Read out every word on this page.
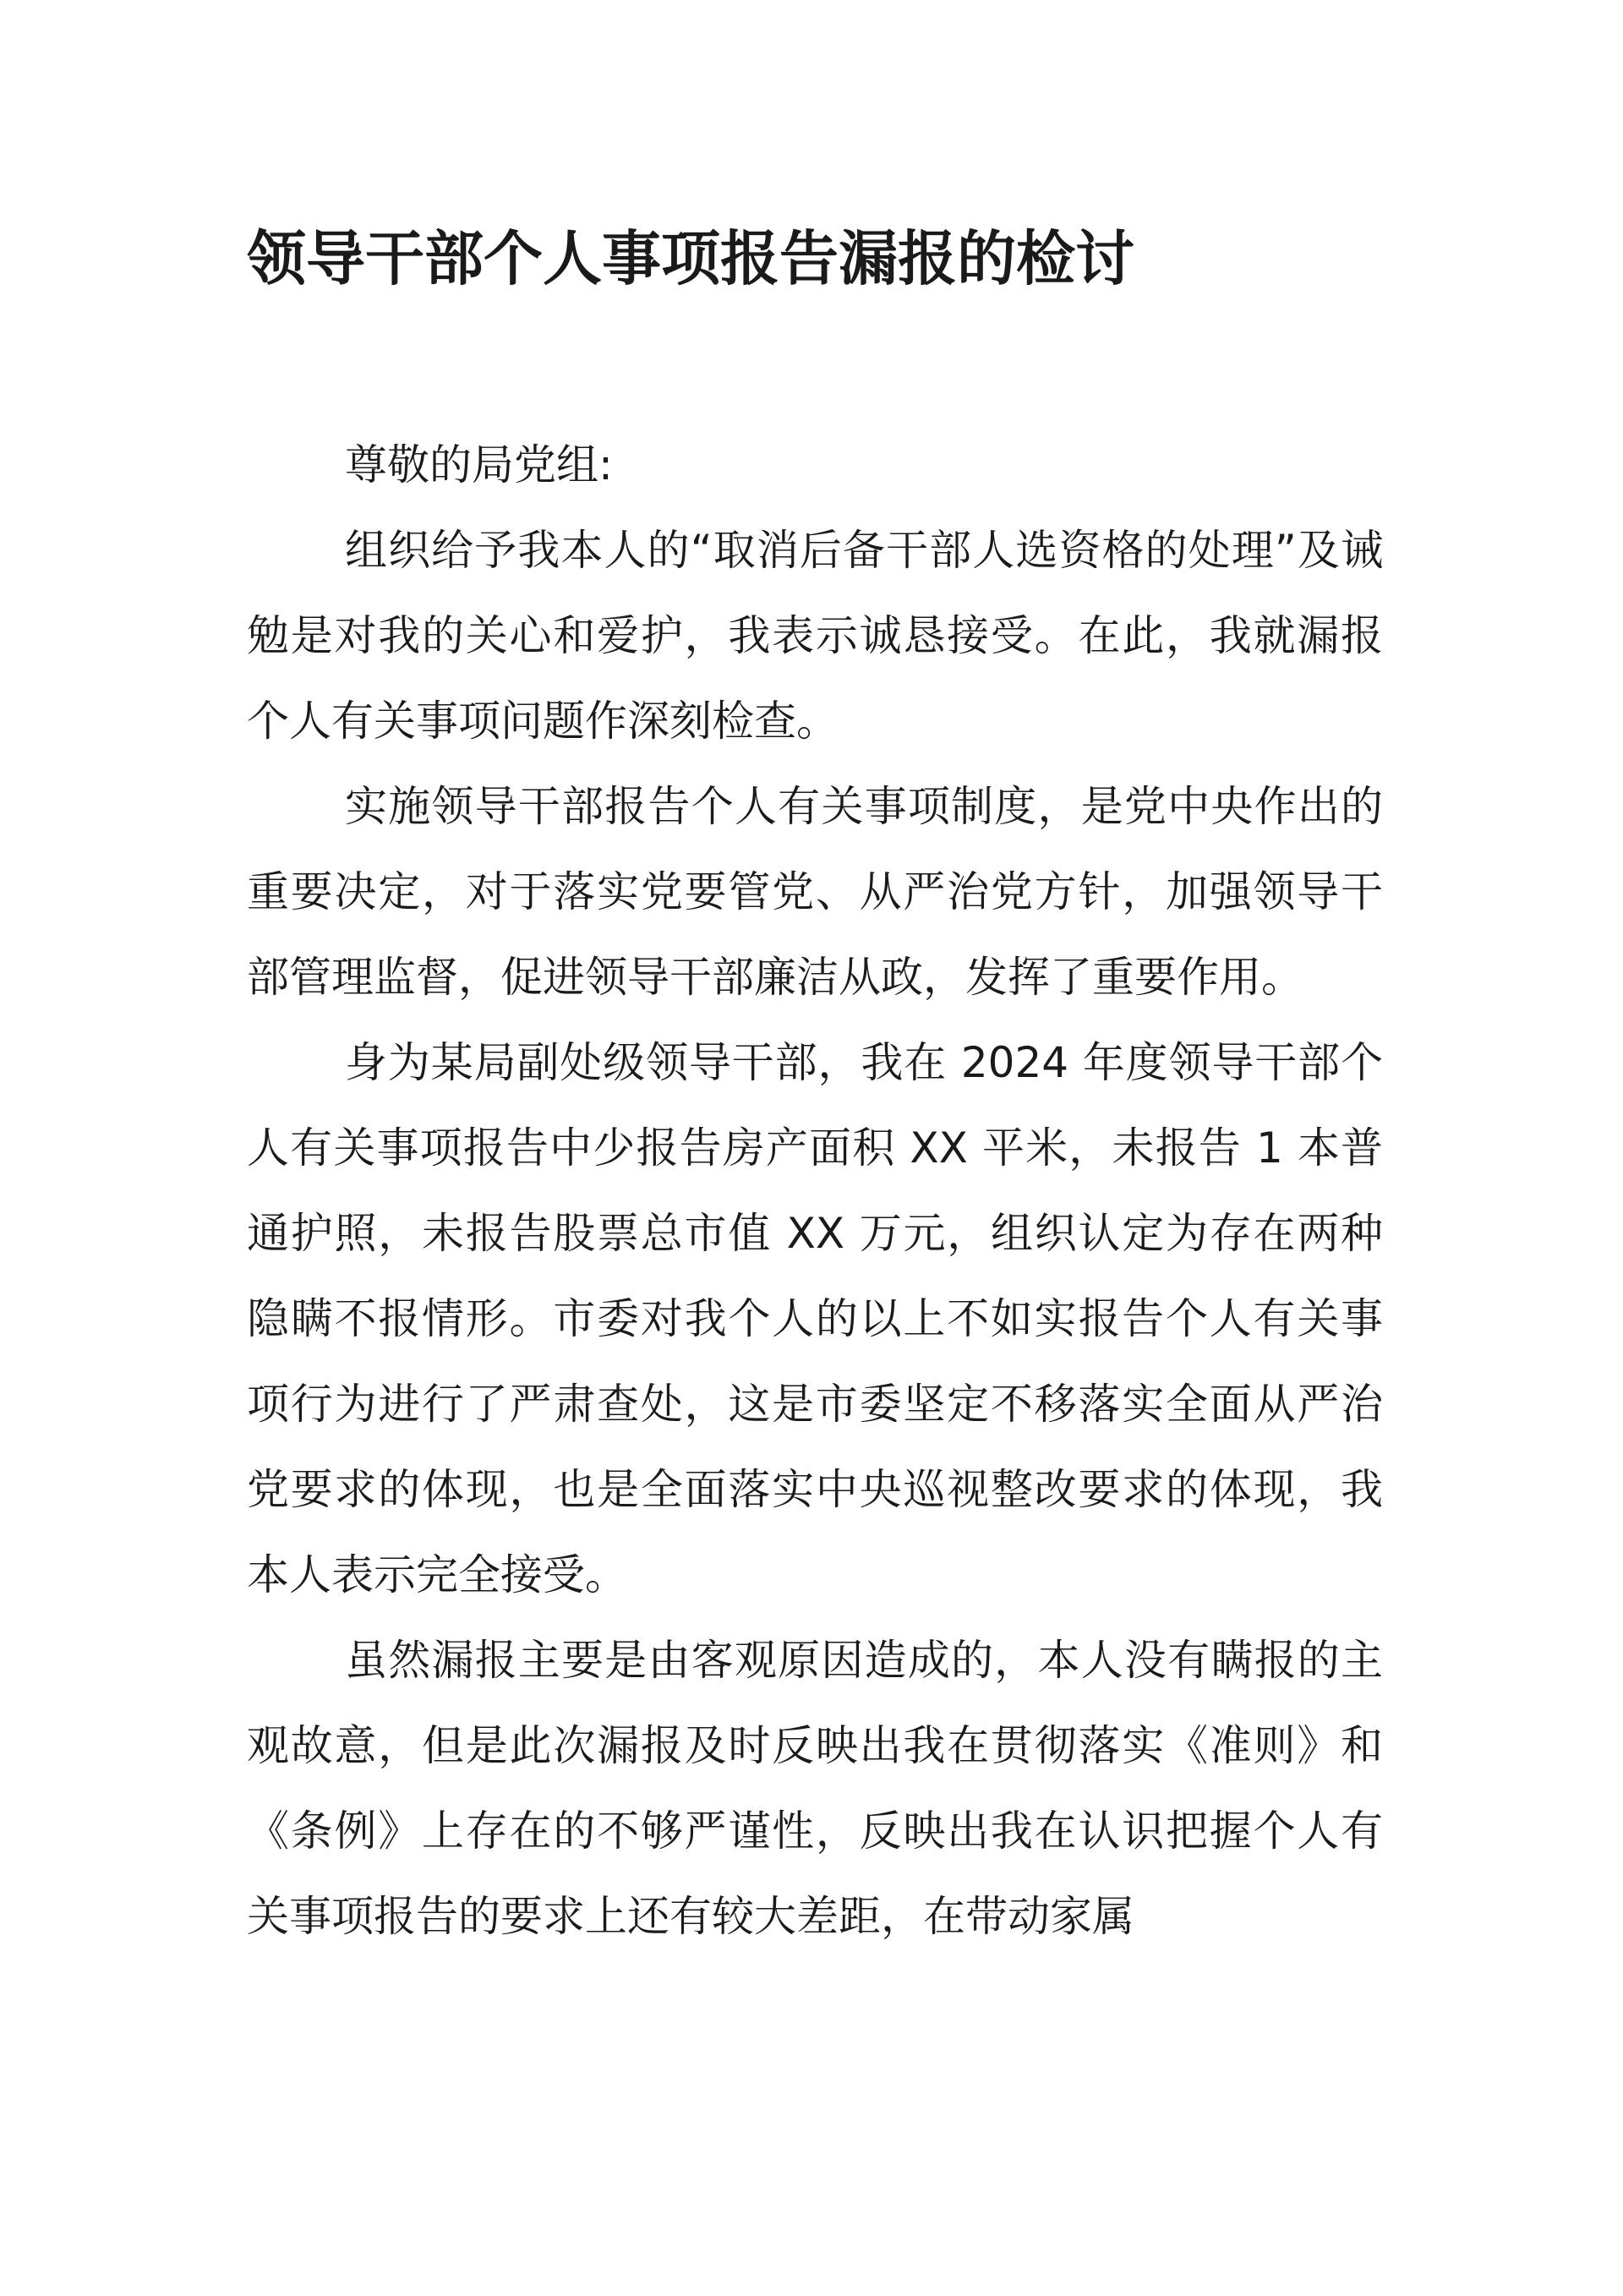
领导干部个人事项报告漏报的检讨

尊敬的局党组:

组织给予我本人的“取消后备干部人选资格的处理”及诫勉是对我的关心和爱护，我表示诚恳接受。在此，我就漏报个人有关事项问题作深刻检查。

实施领导干部报告个人有关事项制度，是党中央作出的重要决定，对于落实党要管党、从严治党方针，加强领导干部管理监督，促进领导干部廉洁从政，发挥了重要作用。

身为某局副处级领导干部，我在 2024 年度领导干部个人有关事项报告中少报告房产面积 XX 平米，未报告 1 本普通护照，未报告股票总市值 XX 万元，组织认定为存在两种隐瞒不报情形。市委对我个人的以上不如实报告个人有关事项行为进行了严肃查处，这是市委坚定不移落实全面从严治党要求的体现，也是全面落实中央巡视整改要求的体现，我本人表示完全接受。

虽然漏报主要是由客观原因造成的，本人没有瞒报的主观故意，但是此次漏报及时反映出我在贯彻落实《准则》和《条例》上存在的不够严谨性，反映出我在认识把握个人有关事项报告的要求上还有较大差距，在带动家属
